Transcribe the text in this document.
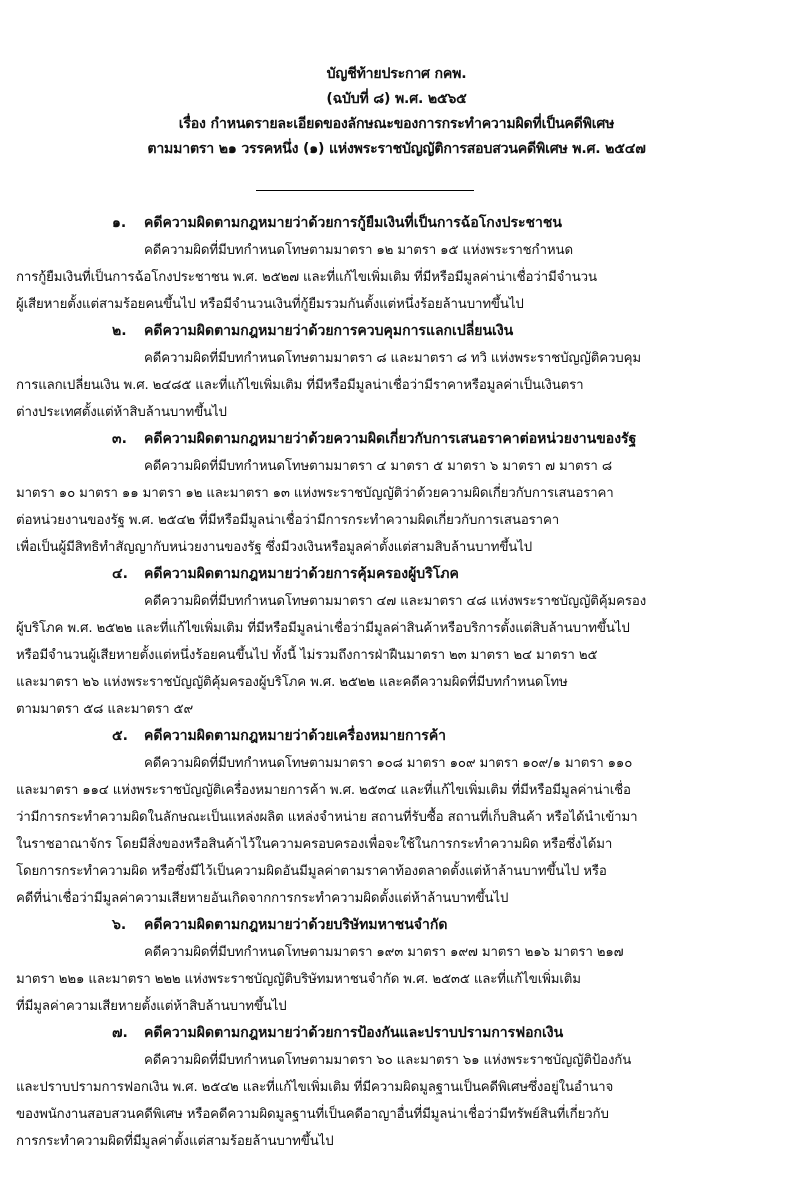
บัญชีท้ายประกาศ กคพ.
(ฉบับที่ ๘) พ.ศ. ๒๕๖๕
เรื่อง กำหนดรายละเอียดของลักษณะของการกระทำความผิดที่เป็นคดีพิเศษ
ตามมาตรา ๒๑ วรรคหนึ่ง (๑) แห่งพระราชบัญญัติการสอบสวนคดีพิเศษ พ.ศ. ๒๕๔๗
๑.	คดีความผิดตามกฎหมายว่าด้วยการกู้ยืมเงินที่เป็นการฉ้อโกงประชาชน
คดีความผิดที่มีบทกำหนดโทษตามมาตรา ๑๒ มาตรา ๑๕ แห่งพระราชกำหนด
การกู้ยืมเงินที่เป็นการฉ้อโกงประชาชน พ.ศ. ๒๕๒๗ และที่แก้ไขเพิ่มเติม ที่มีหรือมีมูลค่าน่าเชื่อว่ามีจำนวน
ผู้เสียหายตั้งแต่สามร้อยคนขึ้นไป หรือมีจำนวนเงินที่กู้ยืมรวมกันตั้งแต่หนึ่งร้อยล้านบาทขึ้นไป
๒.	คดีความผิดตามกฎหมายว่าด้วยการควบคุมการแลกเปลี่ยนเงิน
คดีความผิดที่มีบทกำหนดโทษตามมาตรา ๘ และมาตรา ๘ ทวิ แห่งพระราชบัญญัติควบคุม
การแลกเปลี่ยนเงิน พ.ศ. ๒๔๘๕ และที่แก้ไขเพิ่มเติม ที่มีหรือมีมูลน่าเชื่อว่ามีราคาหรือมูลค่าเป็นเงินตรา
ต่างประเทศตั้งแต่ห้าสิบล้านบาทขึ้นไป
๓.	คดีความผิดตามกฎหมายว่าด้วยความผิดเกี่ยวกับการเสนอราคาต่อหน่วยงานของรัฐ
คดีความผิดที่มีบทกำหนดโทษตามมาตรา ๔ มาตรา ๕ มาตรา ๖ มาตรา ๗ มาตรา ๘
มาตรา ๑๐ มาตรา ๑๑ มาตรา ๑๒ และมาตรา ๑๓ แห่งพระราชบัญญัติว่าด้วยความผิดเกี่ยวกับการเสนอราคา
ต่อหน่วยงานของรัฐ พ.ศ. ๒๕๔๒ ที่มีหรือมีมูลน่าเชื่อว่ามีการกระทำความผิดเกี่ยวกับการเสนอราคา
เพื่อเป็นผู้มีสิทธิทำสัญญากับหน่วยงานของรัฐ ซึ่งมีวงเงินหรือมูลค่าตั้งแต่สามสิบล้านบาทขึ้นไป
๔.	คดีความผิดตามกฎหมายว่าด้วยการคุ้มครองผู้บริโภค
คดีความผิดที่มีบทกำหนดโทษตามมาตรา ๔๗ และมาตรา ๔๘ แห่งพระราชบัญญัติคุ้มครอง
ผู้บริโภค พ.ศ. ๒๕๒๒ และที่แก้ไขเพิ่มเติม ที่มีหรือมีมูลน่าเชื่อว่ามีมูลค่าสินค้าหรือบริการตั้งแต่สิบล้านบาทขึ้นไป
หรือมีจำนวนผู้เสียหายตั้งแต่หนึ่งร้อยคนขึ้นไป ทั้งนี้ ไม่รวมถึงการฝ่าฝืนมาตรา ๒๓ มาตรา ๒๔ มาตรา ๒๕
และมาตรา ๒๖ แห่งพระราชบัญญัติคุ้มครองผู้บริโภค พ.ศ. ๒๕๒๒ และคดีความผิดที่มีบทกำหนดโทษ
ตามมาตรา ๕๘ และมาตรา ๕๙
๕.	คดีความผิดตามกฎหมายว่าด้วยเครื่องหมายการค้า
คดีความผิดที่มีบทกำหนดโทษตามมาตรา ๑๐๘ มาตรา ๑๐๙ มาตรา ๑๐๙/๑ มาตรา ๑๑๐
และมาตรา ๑๑๔ แห่งพระราชบัญญัติเครื่องหมายการค้า พ.ศ. ๒๕๓๔ และที่แก้ไขเพิ่มเติม ที่มีหรือมีมูลค่าน่าเชื่อ
ว่ามีการกระทำความผิดในลักษณะเป็นแหล่งผลิต แหล่งจำหน่าย สถานที่รับซื้อ สถานที่เก็บสินค้า หรือได้นำเข้ามา
ในราชอาณาจักร โดยมีสิ่งของหรือสินค้าไว้ในความครอบครองเพื่อจะใช้ในการกระทำความผิด หรือซึ่งได้มา
โดยการกระทำความผิด หรือซึ่งมีไว้เป็นความผิดอันมีมูลค่าตามราคาท้องตลาดตั้งแต่ห้าล้านบาทขึ้นไป หรือ
คดีที่น่าเชื่อว่ามีมูลค่าความเสียหายอันเกิดจากการกระทำความผิดตั้งแต่ห้าล้านบาทขึ้นไป
๖.	คดีความผิดตามกฎหมายว่าด้วยบริษัทมหาชนจำกัด
คดีความผิดที่มีบทกำหนดโทษตามมาตรา ๑๙๓ มาตรา ๑๙๗ มาตรา ๒๑๖ มาตรา ๒๑๗
มาตรา ๒๒๑ และมาตรา ๒๒๒ แห่งพระราชบัญญัติบริษัทมหาชนจำกัด พ.ศ. ๒๕๓๕ และที่แก้ไขเพิ่มเติม
ที่มีมูลค่าความเสียหายตั้งแต่ห้าสิบล้านบาทขึ้นไป
๗.	คดีความผิดตามกฎหมายว่าด้วยการป้องกันและปราบปรามการฟอกเงิน
คดีความผิดที่มีบทกำหนดโทษตามมาตรา ๖๐ และมาตรา ๖๑ แห่งพระราชบัญญัติป้องกัน
และปราบปรามการฟอกเงิน พ.ศ. ๒๕๔๒ และที่แก้ไขเพิ่มเติม ที่มีความผิดมูลฐานเป็นคดีพิเศษซึ่งอยู่ในอำนาจ
ของพนักงานสอบสวนคดีพิเศษ หรือคดีความผิดมูลฐานที่เป็นคดีอาญาอื่นที่มีมูลน่าเชื่อว่ามีทรัพย์สินที่เกี่ยวกับ
การกระทำความผิดที่มีมูลค่าตั้งแต่สามร้อยล้านบาทขึ้นไป
